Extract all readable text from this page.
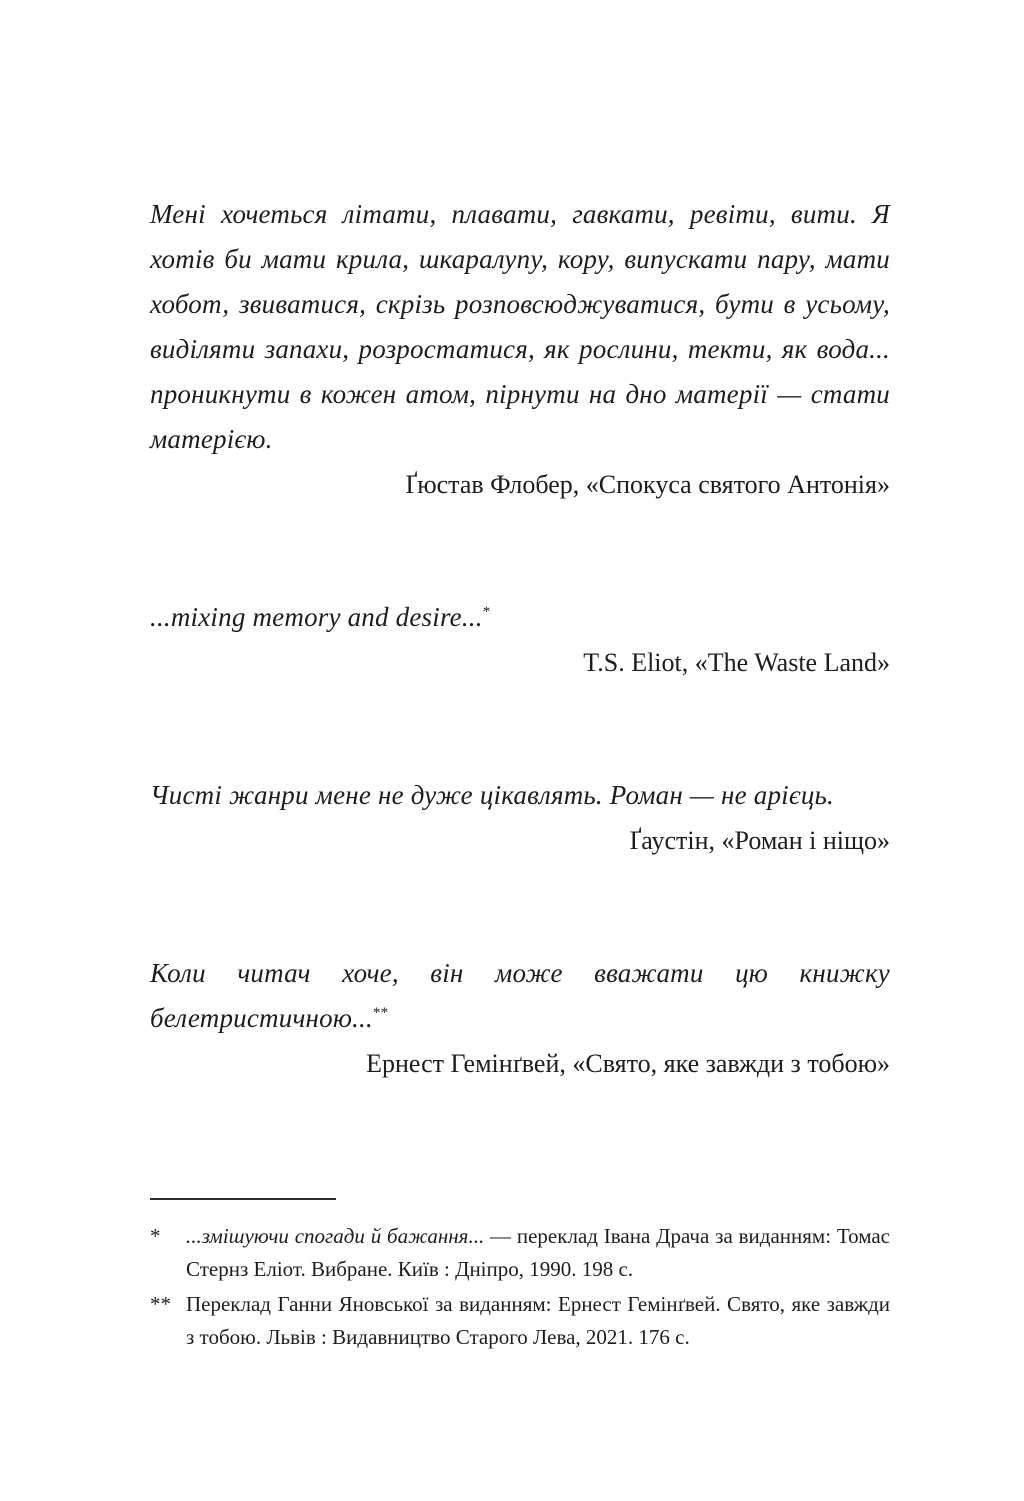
Мені хочеться літати, плавати, гавкати, ревіти, вити. Я хотів би мати крила, шкаралупу, кору, випускати пару, мати хобот, звиватися, скрізь розповсюджуватися, бути в усьому, виділяти запахи, розростатися, як рослини, текти, як вода... проникнути в кожен атом, пірнути на дно матерії — стати матерією.

Ґюстав Флобер, «Спокуса святого Антонія»

...mixing memory and desire...*

T.S. Eliot, «The Waste Land»

Чисті жанри мене не дуже цікавлять. Роман — не арієць.

Ґаустін, «Роман і ніщо»

Коли читач хоче, він може вважати цю книжку белетристичною...**

Ернест Гемінґвей, «Свято, яке завжди з тобою»

*	...змішуючи спогади й бажання... — переклад Івана Драча за виданням: Томас Стернз Еліот. Вибране. Київ : Дніпро, 1990. 198 с.
** Переклад Ганни Яновської за виданням: Ернест Гемінґвей. Свято, яке завжди з тобою. Львів : Видавництво Старого Лева, 2021. 176 с.
